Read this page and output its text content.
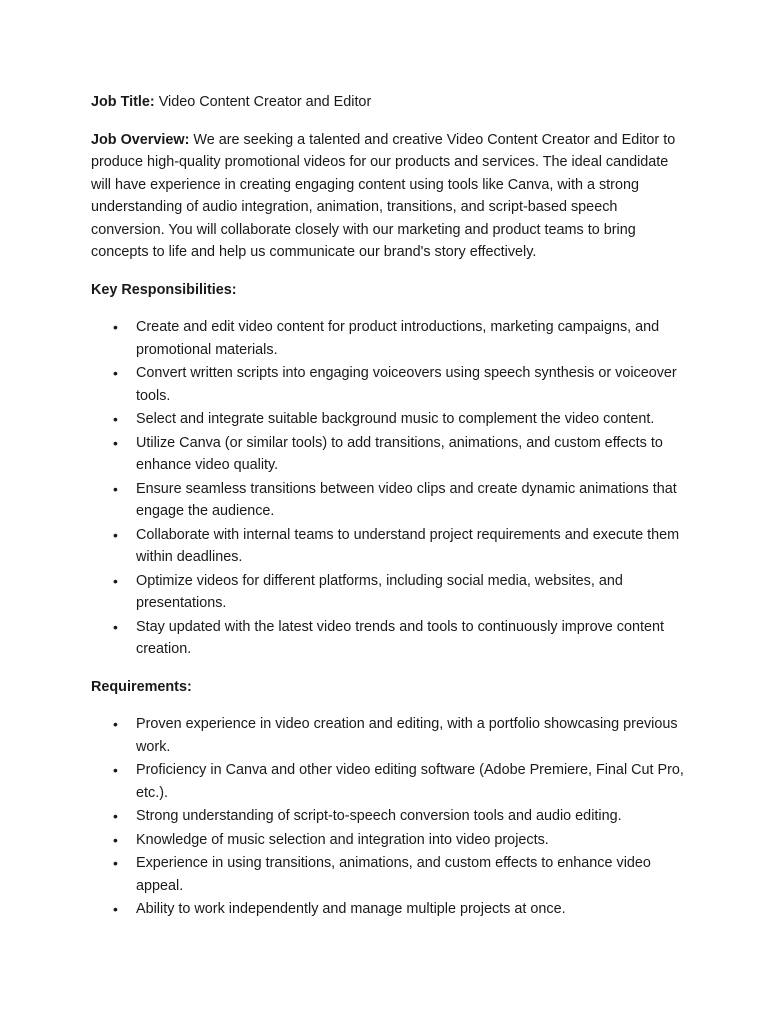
Job Title: Video Content Creator and Editor

Job Overview: We are seeking a talented and creative Video Content Creator and Editor to produce high-quality promotional videos for our products and services. The ideal candidate will have experience in creating engaging content using tools like Canva, with a strong understanding of audio integration, animation, transitions, and script-based speech conversion. You will collaborate closely with our marketing and product teams to bring concepts to life and help us communicate our brand's story effectively.

Key Responsibilities:
• Create and edit video content for product introductions, marketing campaigns, and promotional materials.
• Convert written scripts into engaging voiceovers using speech synthesis or voiceover tools.
• Select and integrate suitable background music to complement the video content.
• Utilize Canva (or similar tools) to add transitions, animations, and custom effects to enhance video quality.
• Ensure seamless transitions between video clips and create dynamic animations that engage the audience.
• Collaborate with internal teams to understand project requirements and execute them within deadlines.
• Optimize videos for different platforms, including social media, websites, and presentations.
• Stay updated with the latest video trends and tools to continuously improve content creation.
Requirements:
• Proven experience in video creation and editing, with a portfolio showcasing previous work.
• Proficiency in Canva and other video editing software (Adobe Premiere, Final Cut Pro, etc.).
• Strong understanding of script-to-speech conversion tools and audio editing.
• Knowledge of music selection and integration into video projects.
• Experience in using transitions, animations, and custom effects to enhance video appeal.
• Ability to work independently and manage multiple projects at once.
